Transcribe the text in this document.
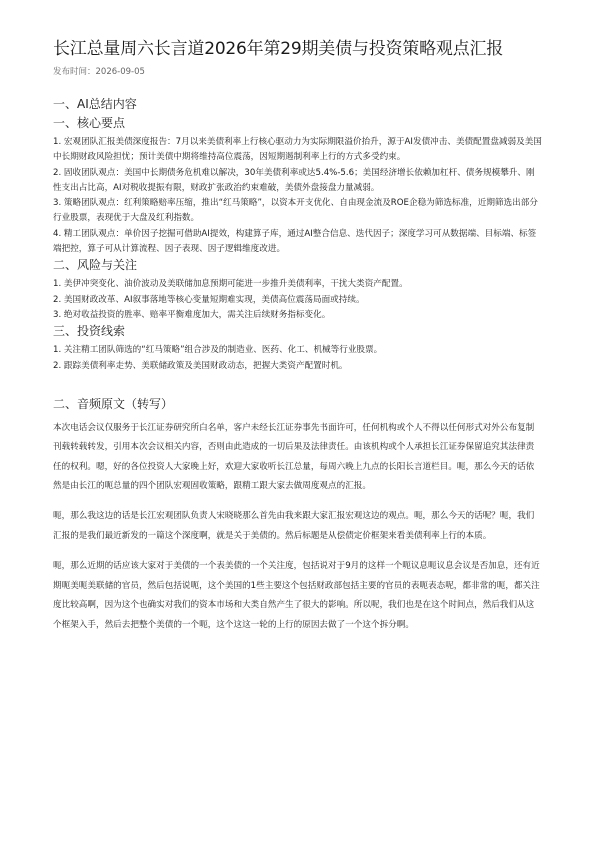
长江总量周六长言道2026年第29期美债与投资策略观点汇报
发布时间：2026-09-05
一、AI总结内容
一、核心要点
1. 宏观团队汇报美债深度报告：7月以来美债利率上行核心驱动力为实际期限溢价抬升，源于AI发债冲击、美债配置盘减弱及美国中长期财政风险担忧；预计美债中期将维持高位震荡，因短期遏制利率上行的方式多受约束。
2. 固收团队观点：美国中长期债务危机难以解决，30年美债利率或达5.4%-5.6；美国经济增长依赖加杠杆、债务规模攀升、刚性支出占比高，AI对税收提振有限，财政扩张政治约束难破，美债外盘接盘力量减弱。
3. 策略团队观点：红利策略赔率压缩，推出“红马策略”，以资本开支优化、自由现金流及ROE企稳为筛选标准，近期筛选出部分行业股票，表现优于大盘及红利指数。
4. 精工团队观点：单价因子挖掘可借助AI提效，构建算子库，通过AI整合信息、迭代因子；深度学习可从数据端、目标端、标签端把控，算子可从计算流程、因子表现、因子逻辑维度改进。
二、风险与关注
1. 美伊冲突变化、油价波动及美联储加息预期可能进一步推升美债利率，干扰大类资产配置。
2. 美国财政改革、AI叙事落地等核心变量短期难实现，美债高位震荡局面或持续。
3. 绝对收益投资的胜率、赔率平衡难度加大，需关注后续财务指标变化。
三、投资线索
1. 关注精工团队筛选的“红马策略”组合涉及的制造业、医药、化工、机械等行业股票。
2. 跟踪美债利率走势、美联储政策及美国财政动态，把握大类资产配置时机。
二、音频原文（转写）

本次电话会议仅服务于长江证券研究所白名单，客户未经长江证券事先书面许可，任何机构或个人不得以任何形式对外公布复制刊载转载转发，引用本次会议相关内容，否则由此造成的一切后果及法律责任。由该机构或个人承担长江证券保留追究其法律责任的权利。嗯，好的各位投资人大家晚上好，欢迎大家收听长江总量，每周六晚上九点的长阳长言道栏目。呃，那么今天的话依然是由长江的呃总量的四个团队宏观固收策略，跟精工跟大家去做周度观点的汇报。

呃，那么我这边的话是长江宏观团队负责人宋晓晓那么首先由我来跟大家汇报宏观这边的观点。呃，那么今天的话呢？呃，我们汇报的是我们最近新发的一篇这个深度啊，就是关于美债的。然后标题是从偿债定价框架来看美债利率上行的本质。

呃，那么近期的话应该大家对于美债的一个表美债的一个关注度，包括说对于9月的这样一个呃议息呃议息会议是否加息，还有近期呃美呃美联储的官员，然后包括说呃，这个美国的1些主要这个包括财政部包括主要的官员的表呃表态呢，都非常的呃，都关注度比较高啊，因为这个也确实对我们的资本市场和大类自然产生了很大的影响。所以呢，我们也是在这个时间点，然后我们从这个框架入手，然后去把整个美债的一个呃，这个这这一轮的上行的原因去做了一个这个拆分啊。
